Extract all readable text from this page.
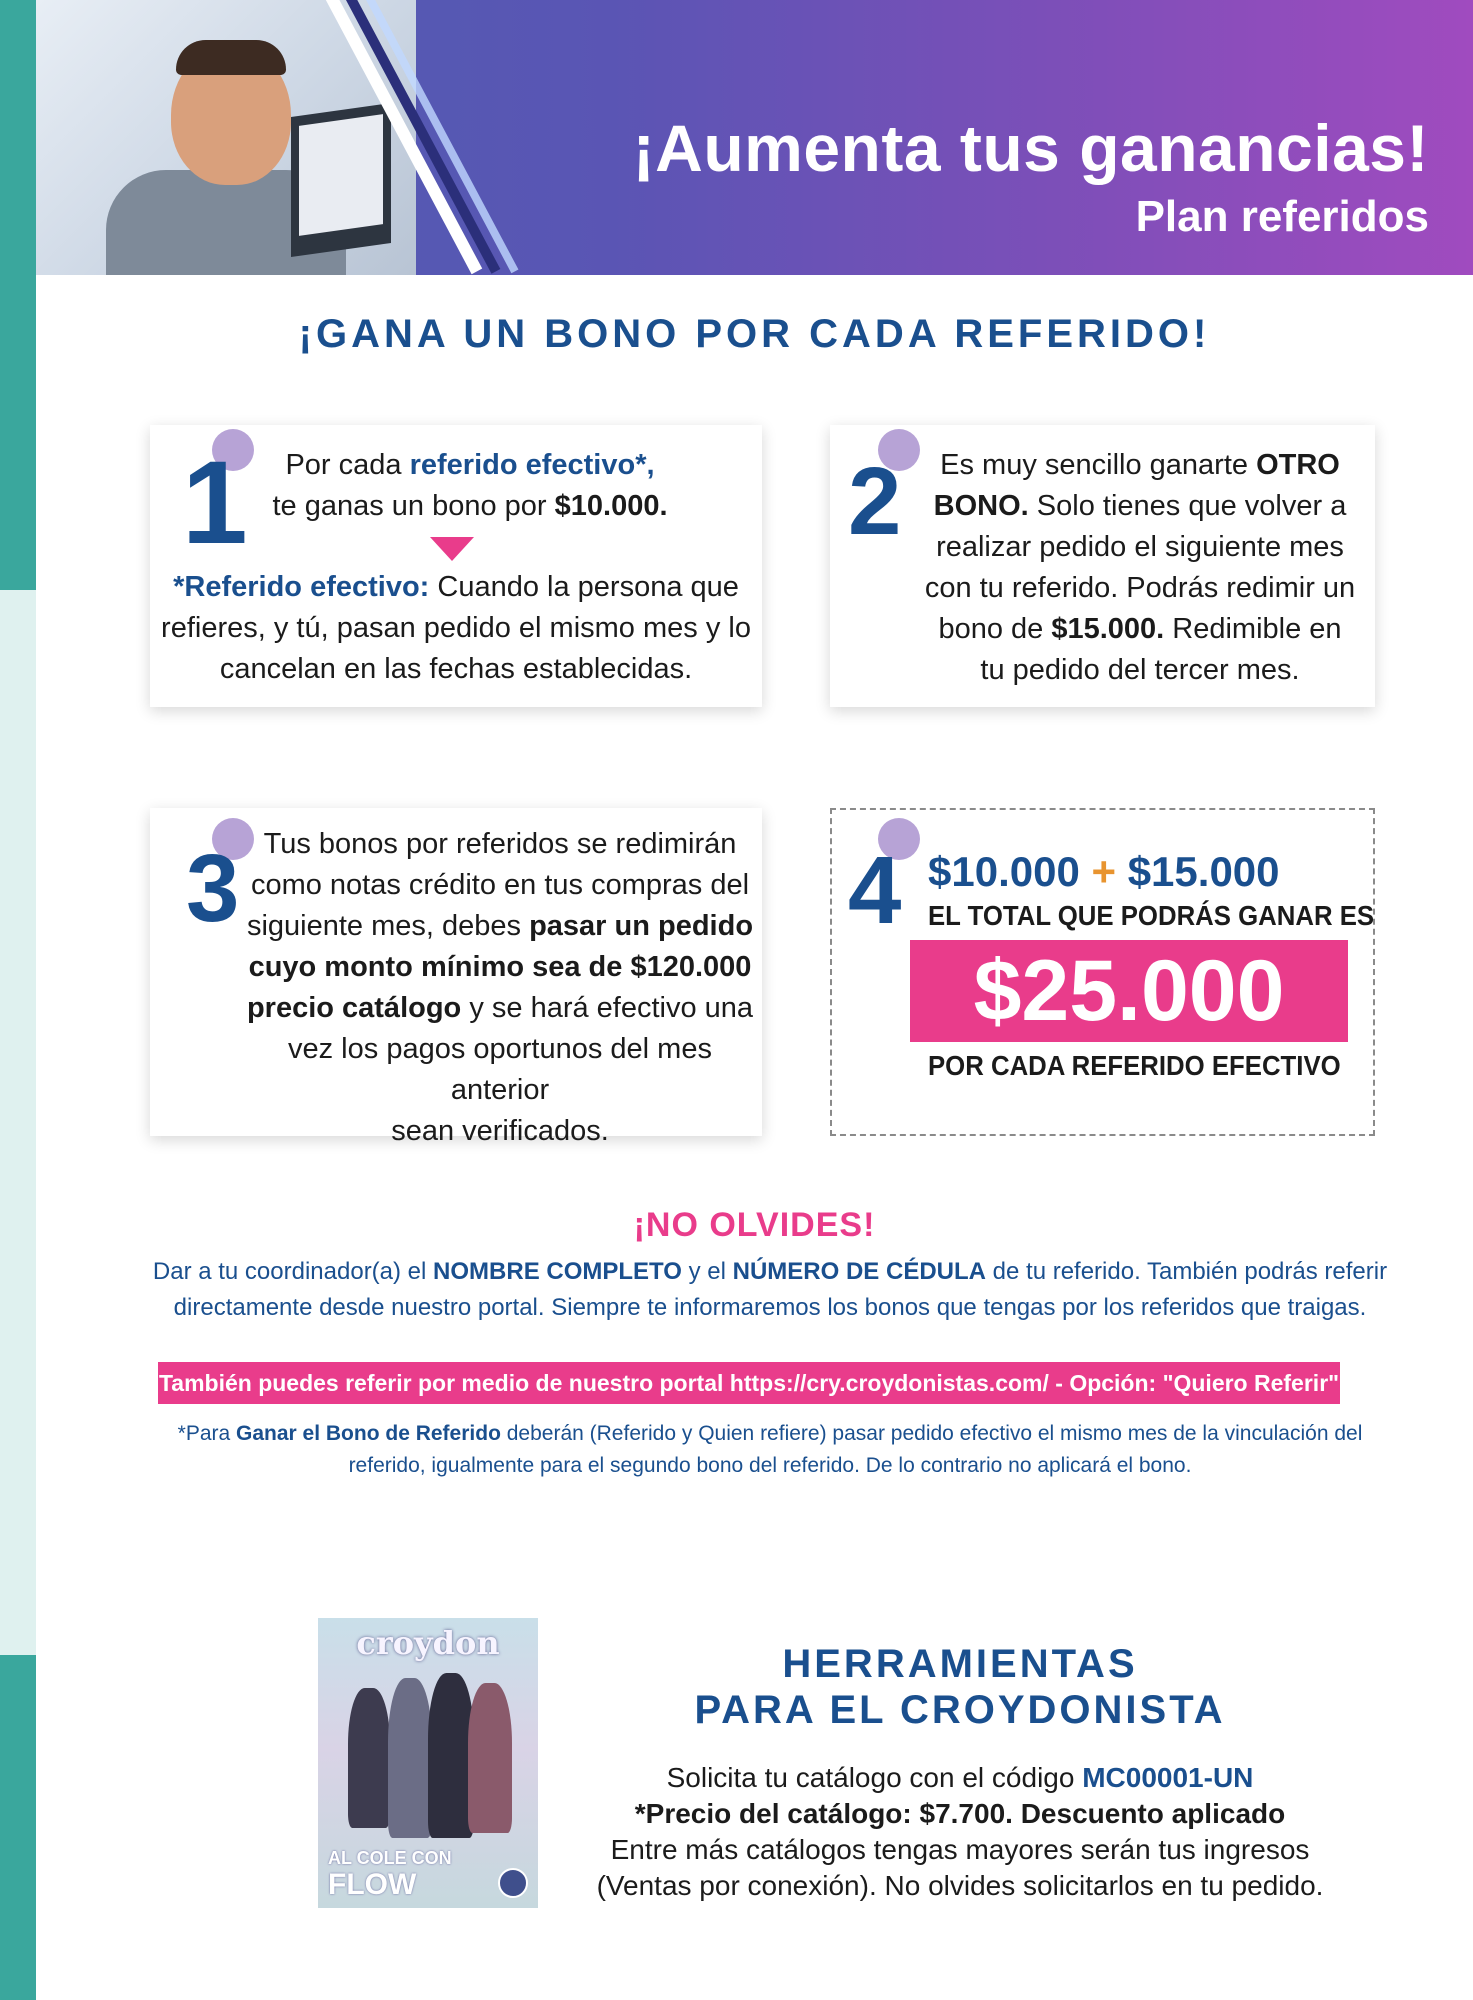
¡Aumenta tus ganancias!
Plan referidos
¡GANA UN BONO POR CADA REFERIDO!
1	Por cada referido efectivo*,
te ganas un bono por $10.000.
*Referido efectivo: Cuando la persona que
refieres, y tú, pasan pedido el mismo mes y lo
cancelan en las fechas establecidas.
2	Es muy sencillo ganarte OTRO
BONO. Solo tienes que volver a
realizar pedido el siguiente mes
con tu referido. Podrás redimir un
bono de $15.000. Redimible en
tu pedido del tercer mes.
3 Tus bonos por referidos se redimirán
como notas crédito en tus compras del
siguiente mes, debes pasar un pedido
cuyo monto mínimo sea de $120.000
precio catálogo y se hará efectivo una
vez los pagos oportunos del mes anterior
sean verificados.
4 $10.000 + $15.000
EL TOTAL QUE PODRÁS GANAR ES
$25.000
POR CADA REFERIDO EFECTIVO
¡NO OLVIDES!
Dar a tu coordinador(a) el NOMBRE COMPLETO y el NÚMERO DE CÉDULA de tu referido. También podrás referir
directamente desde nuestro portal. Siempre te informaremos los bonos que tengas por los referidos que traigas.
También puedes referir por medio de nuestro portal https://cry.croydonistas.com/ - Opción: "Quiero Referir"
*Para Ganar el Bono de Referido deberán (Referido y Quien refiere) pasar pedido efectivo el mismo mes de la vinculación del
referido, igualmente para el segundo bono del referido. De lo contrario no aplicará el bono.
croydon
AL COLE CON
FLOW
HERRAMIENTAS
PARA EL CROYDONISTA
Solicita tu catálogo con el código MC00001-UN
*Precio del catálogo: $7.700. Descuento aplicado
Entre más catálogos tengas mayores serán tus ingresos
(Ventas por conexión). No olvides solicitarlos en tu pedido.
